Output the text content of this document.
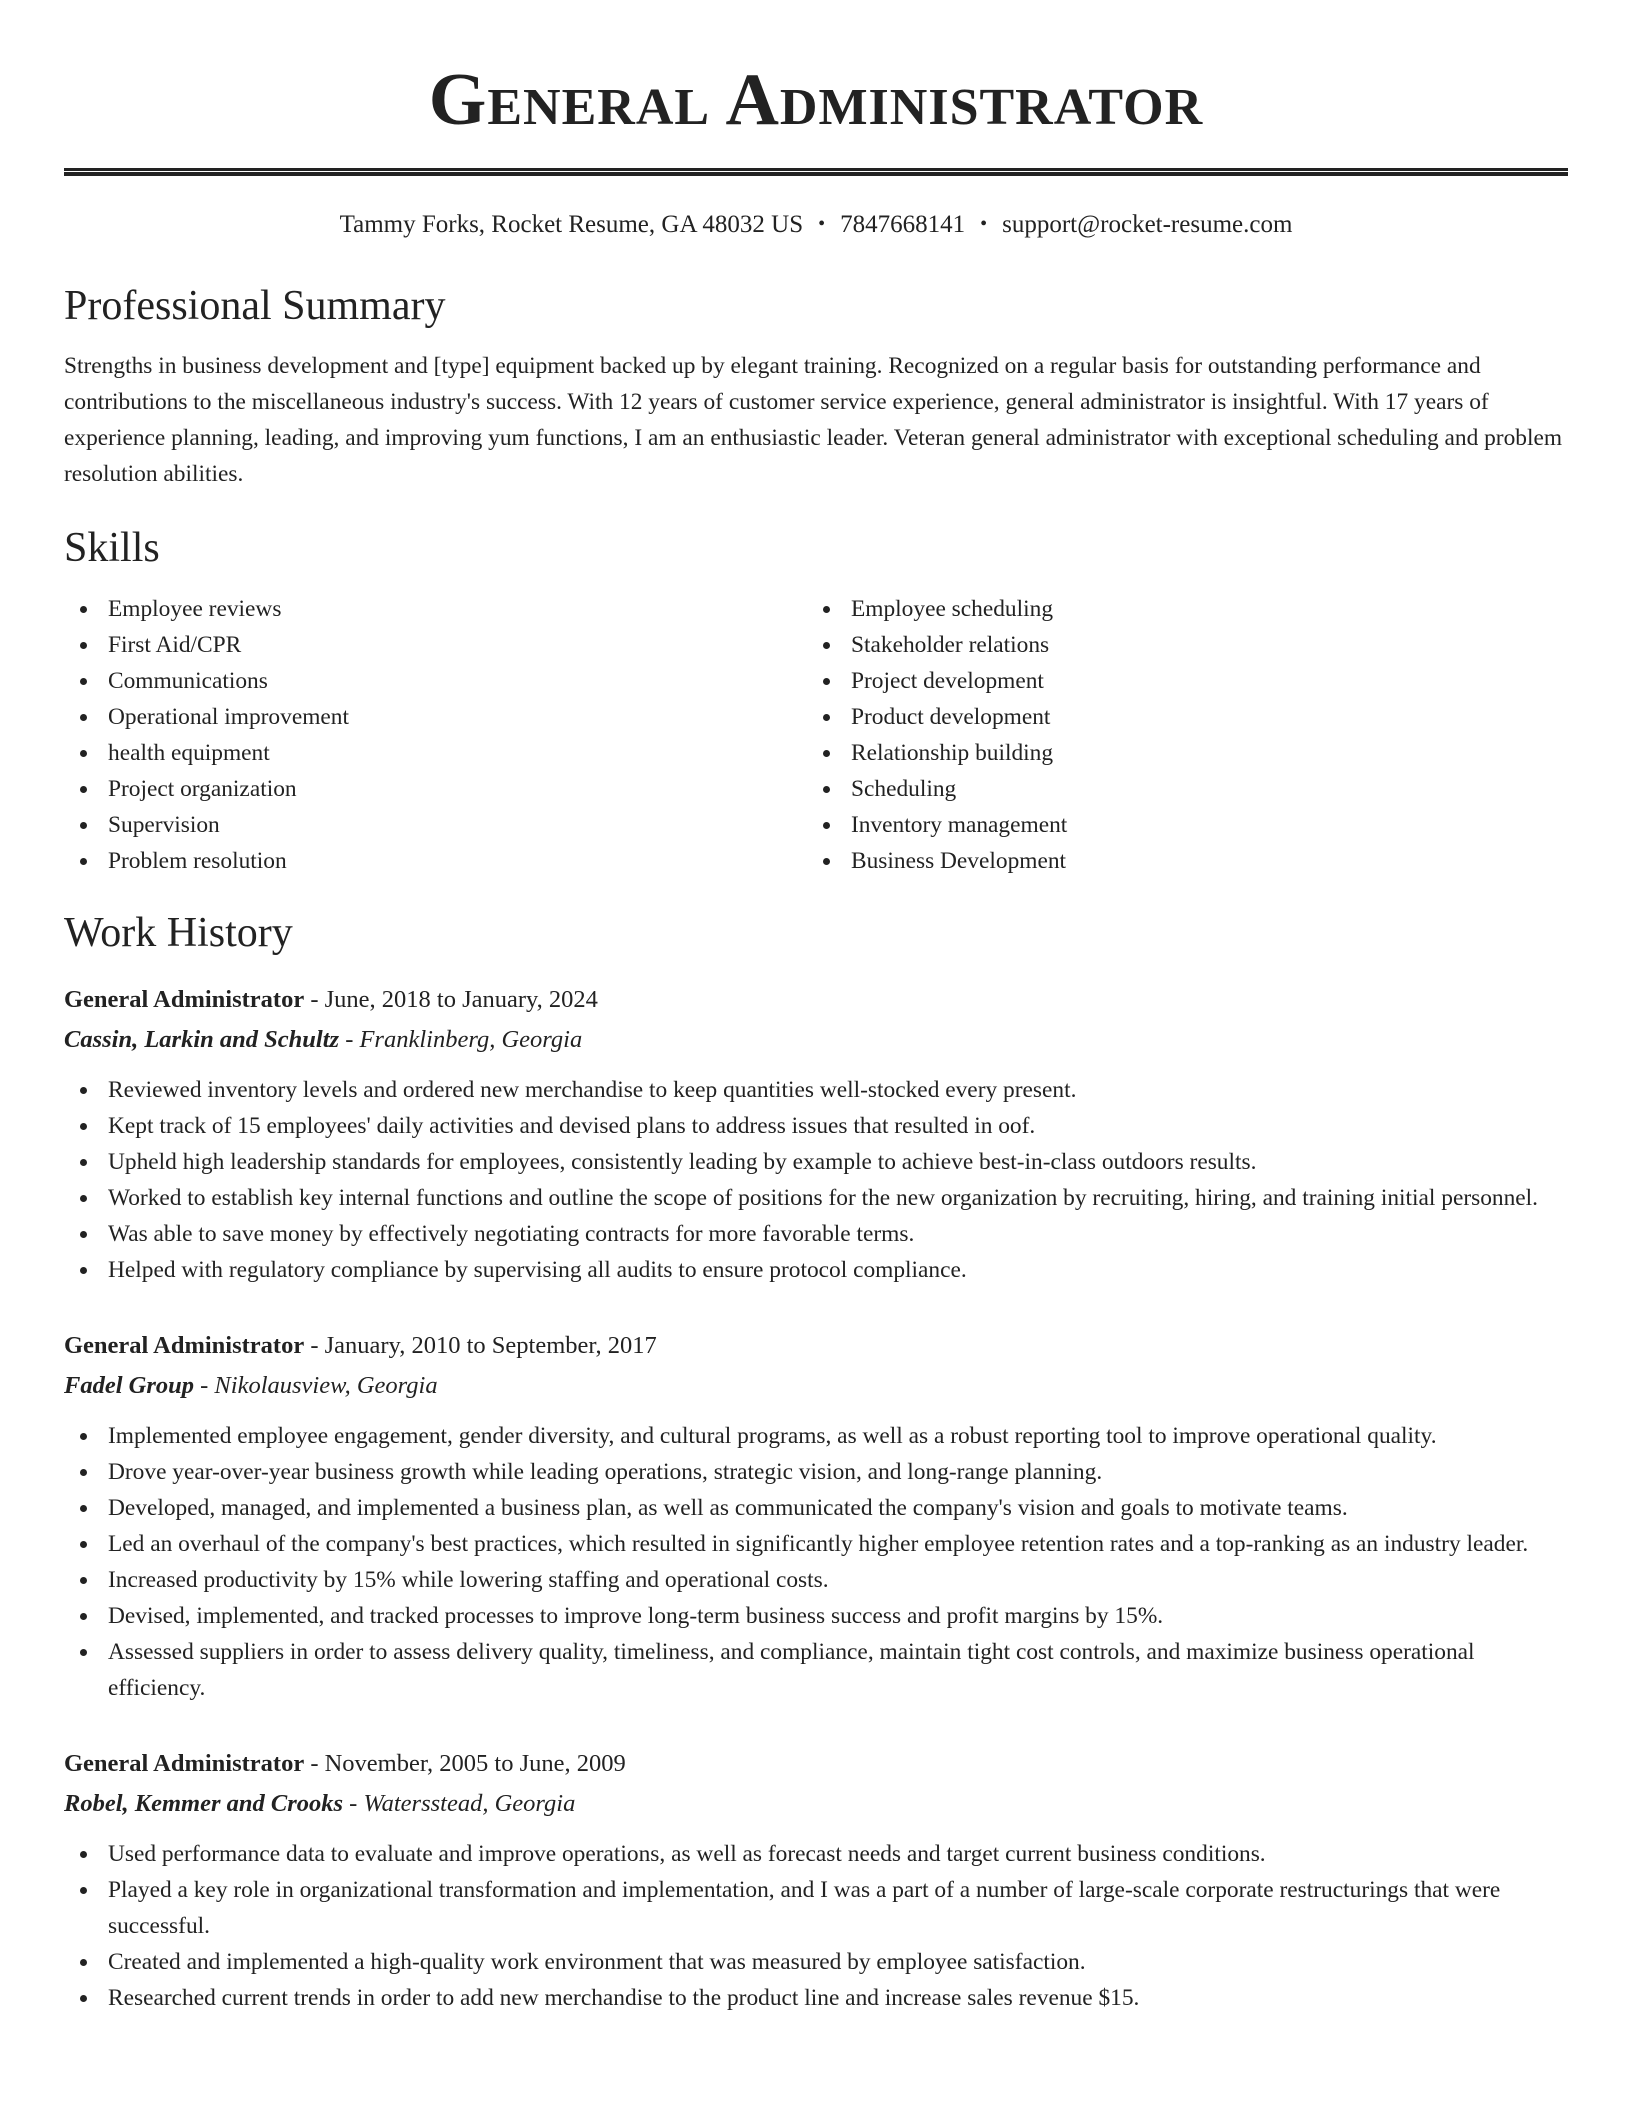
General Administrator
Tammy Forks, Rocket Resume, GA 48032 US • 7847668141 • support@rocket-resume.com
Professional Summary

Strengths in business development and [type] equipment backed up by elegant training. Recognized on a regular basis for outstanding performance and contributions to the miscellaneous industry's success. With 12 years of customer service experience, general administrator is insightful. With 17 years of experience planning, leading, and improving yum functions, I am an enthusiastic leader. Veteran general administrator with exceptional scheduling and problem resolution abilities.

Skills
Employee reviews
First Aid/CPR
Communications
Operational improvement
health equipment
Project organization
Supervision
Problem resolution
Employee scheduling
Stakeholder relations
Project development
Product development
Relationship building
Scheduling
Inventory management
Business Development
Work History
General Administrator - June, 2018 to January, 2024
Cassin, Larkin and Schultz - Franklinberg, Georgia
Reviewed inventory levels and ordered new merchandise to keep quantities well-stocked every present.
Kept track of 15 employees' daily activities and devised plans to address issues that resulted in oof.
Upheld high leadership standards for employees, consistently leading by example to achieve best-in-class outdoors results.
Worked to establish key internal functions and outline the scope of positions for the new organization by recruiting, hiring, and training initial personnel.
Was able to save money by effectively negotiating contracts for more favorable terms.
Helped with regulatory compliance by supervising all audits to ensure protocol compliance.
General Administrator - January, 2010 to September, 2017
Fadel Group - Nikolausview, Georgia
Implemented employee engagement, gender diversity, and cultural programs, as well as a robust reporting tool to improve operational quality.
Drove year-over-year business growth while leading operations, strategic vision, and long-range planning.
Developed, managed, and implemented a business plan, as well as communicated the company's vision and goals to motivate teams.
Led an overhaul of the company's best practices, which resulted in significantly higher employee retention rates and a top-ranking as an industry leader.
Increased productivity by 15% while lowering staffing and operational costs.
Devised, implemented, and tracked processes to improve long-term business success and profit margins by 15%.
Assessed suppliers in order to assess delivery quality, timeliness, and compliance, maintain tight cost controls, and maximize business operational efficiency.
General Administrator - November, 2005 to June, 2009
Robel, Kemmer and Crooks - Watersstead, Georgia
Used performance data to evaluate and improve operations, as well as forecast needs and target current business conditions.
Played a key role in organizational transformation and implementation, and I was a part of a number of large-scale corporate restructurings that were successful.
Created and implemented a high-quality work environment that was measured by employee satisfaction.
Researched current trends in order to add new merchandise to the product line and increase sales revenue $15.
